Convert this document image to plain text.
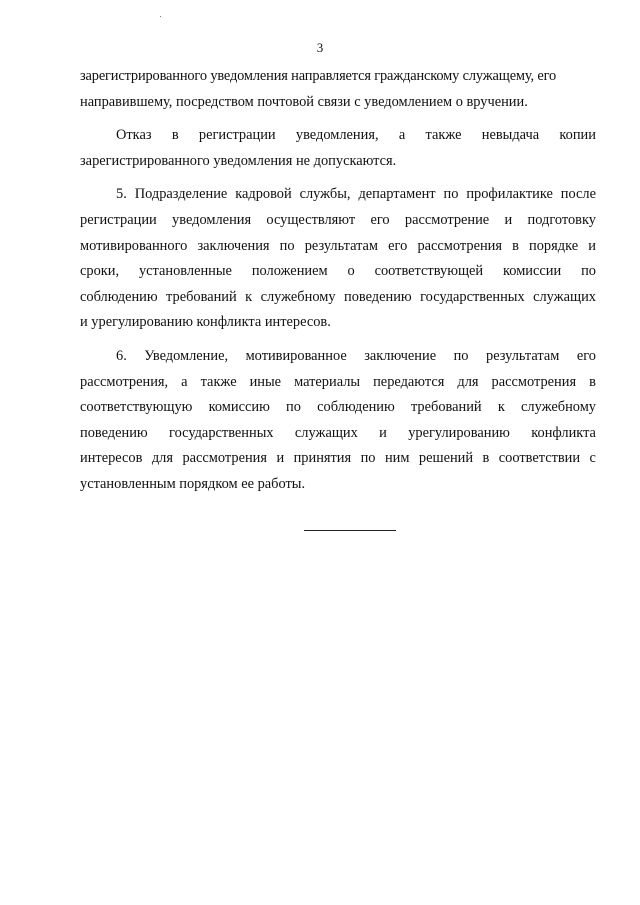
3
зарегистрированного уведомления направляется гражданскому служащему, его
направившему, посредством почтовой связи с уведомлением о вручении.
Отказ в регистрации уведомления, а также невыдача копии
зарегистрированного уведомления не допускаются.
5. Подразделение кадровой службы, департамент по профилактике после
регистрации уведомления осуществляют его рассмотрение и подготовку
мотивированного заключения по результатам его рассмотрения в порядке и
сроки, установленные положением о соответствующей комиссии по
соблюдению требований к служебному поведению государственных служащих
и урегулированию конфликта интересов.
6. Уведомление, мотивированное заключение по результатам его
рассмотрения, а также иные материалы передаются для рассмотрения в
соответствующую комиссию по соблюдению требований к служебному
поведению государственных служащих и урегулированию конфликта
интересов для рассмотрения и принятия по ним решений в соответствии с
установленным порядком ее работы.
